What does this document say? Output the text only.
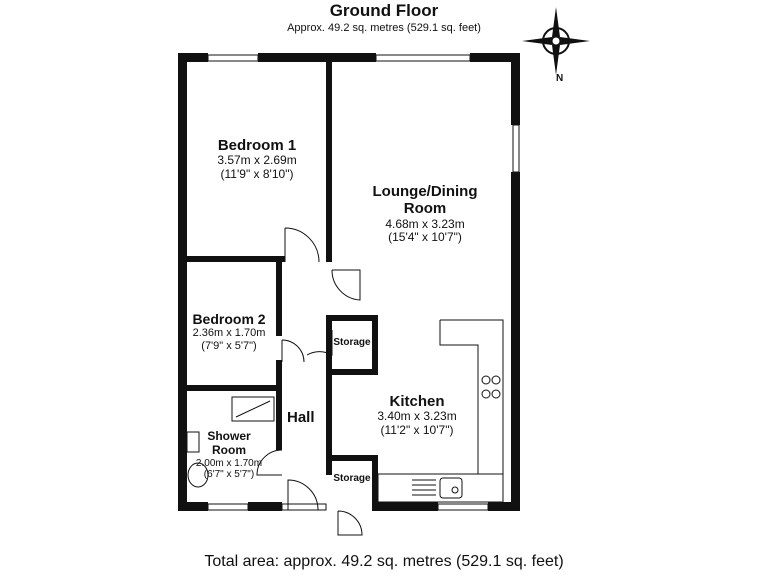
Ground Floor
Approx. 49.2 sq. metres (529.1 sq. feet)
N
Bedroom 1
3.57m x 2.69m
(11'9" x 8'10")
Lounge/Dining
Room
4.68m x 3.23m
(15'4" x 10'7")
Bedroom 2
2.36m x 1.70m
(7'9" x 5'7")
Kitchen
3.40m x 3.23m
(11'2" x 10'7")
Shower
Room
2.00m x 1.70m
(6'7" x 5'7")
Hall
Storage
Storage
Total area: approx. 49.2 sq. metres (529.1 sq. feet)
